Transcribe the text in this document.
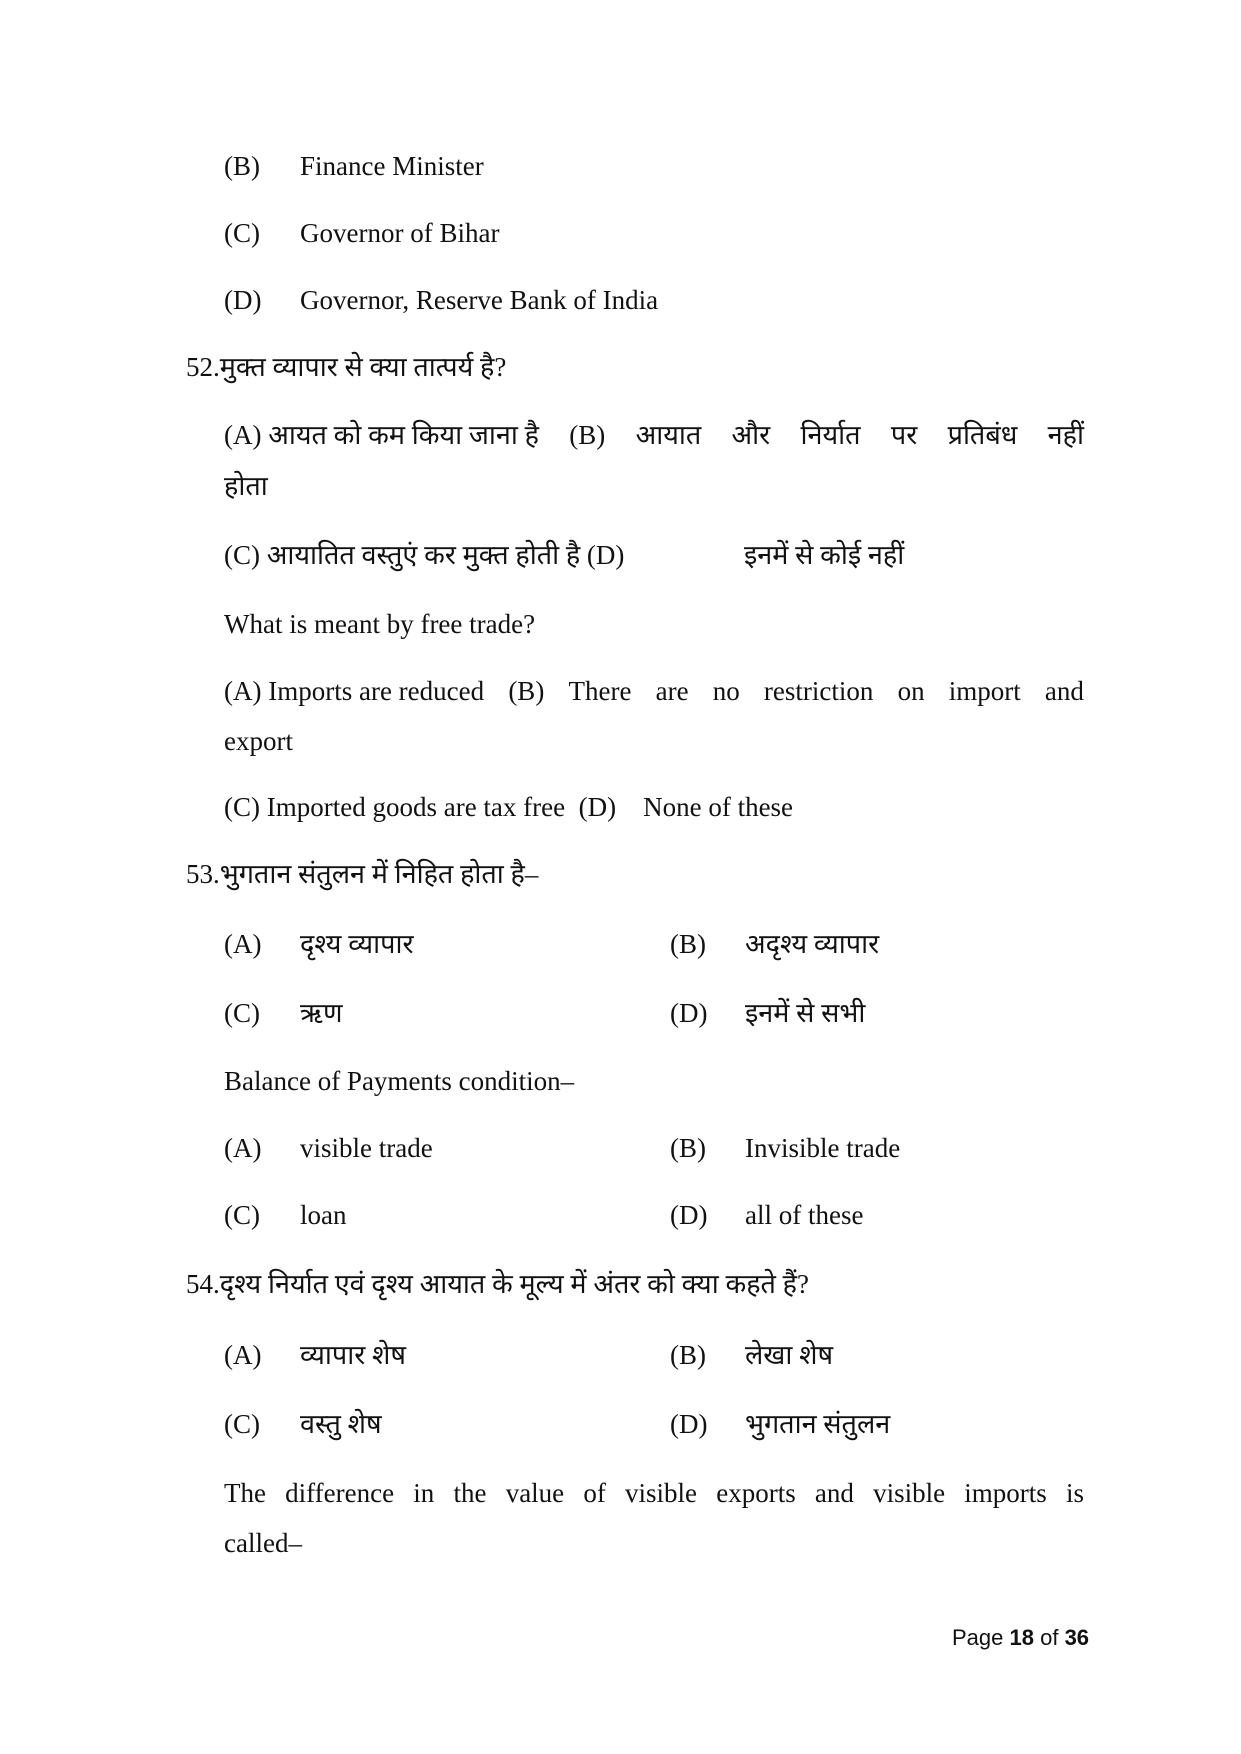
(B) Finance Minister
(C) Governor of Bihar
(D) Governor, Reserve Bank of India
52.मुक्त व्यापार से क्या तात्पर्य है?
(A) आयत को कम किया जाना है (B) आयात और निर्यात पर प्रतिबंध नहीं
होता
(C) आयातित वस्तुएं कर मुक्त होती है (D)	इनमें से कोई नहीं
What is meant by free trade?
(A) Imports are reduced (B) There are no restriction on import and
export
(C) Imported goods are tax free  (D)    None of these
53.भुगतान संतुलन में निहित होता है–
(A) दृश्य व्यापार	(B) अदृश्य व्यापार
(C) ऋण	(D) इनमें से सभी
Balance of Payments condition–
(A) visible trade	(B) Invisible trade
(C) loan	(D) all of these
54.दृश्य निर्यात एवं दृश्य आयात के मूल्य में अंतर को क्या कहते हैं?
(A) व्यापार शेष	(B) लेखा शेष
(C) वस्तु शेष	(D) भुगतान संतुलन
The difference in the value of visible exports and visible imports is
called–
Page 18 of 36
